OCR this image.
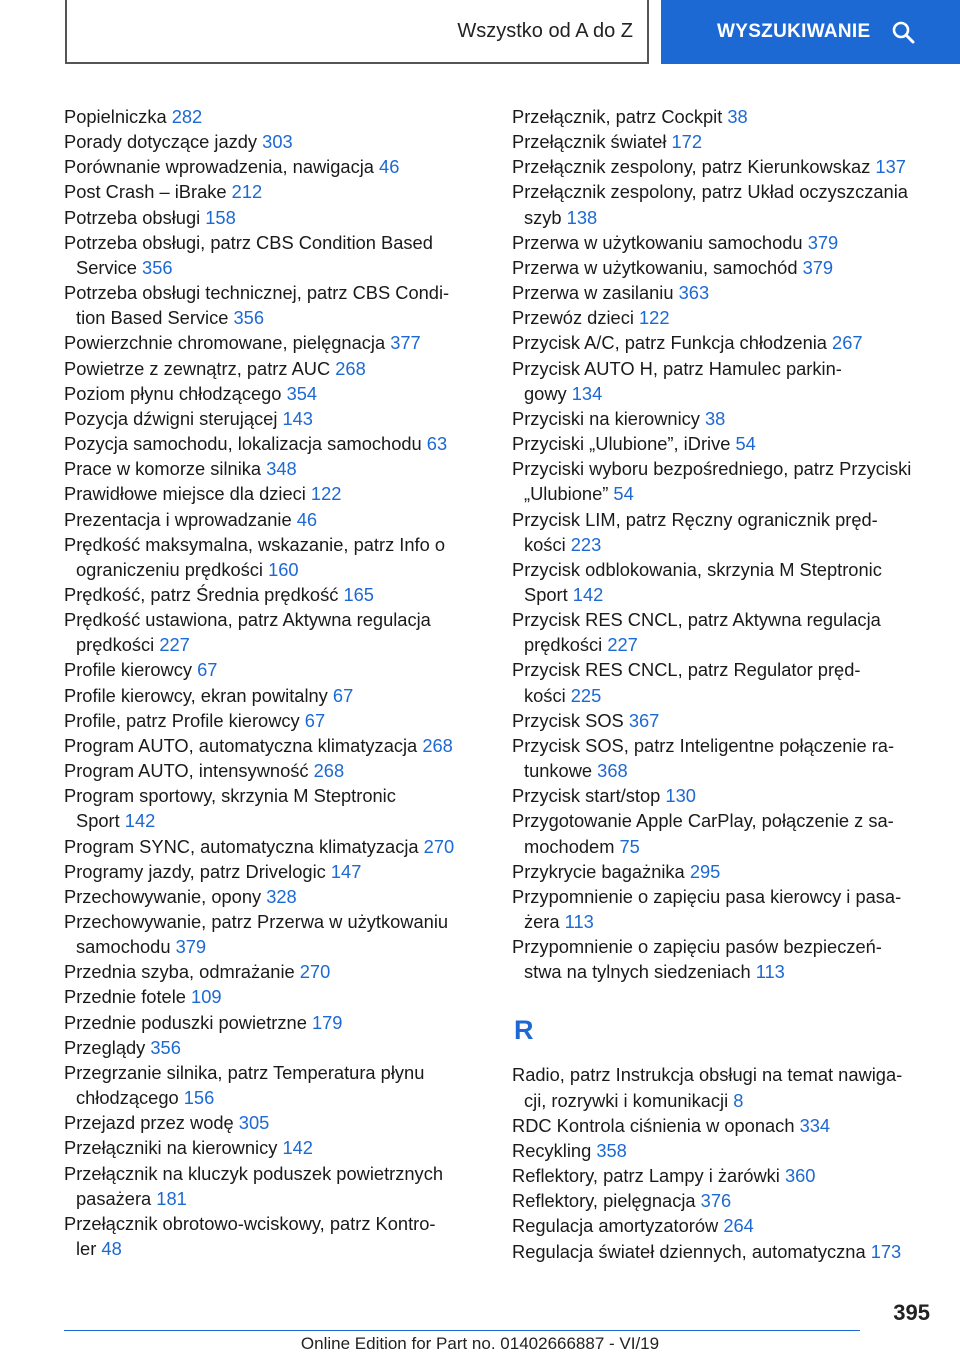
Wszystko od A do Z	WYSZUKIWANIE
Popielniczka 282
Porady dotyczące jazdy 303
Porównanie wprowadzenia, nawigacja 46
Post Crash – iBrake 212
Potrzeba obsługi 158
Potrzeba obsługi, patrz CBS Condition Based
Service 356
Potrzeba obsługi technicznej, patrz CBS Condi‐
tion Based Service 356
Powierzchnie chromowane, pielęgnacja 377
Powietrze z zewnątrz, patrz AUC 268
Poziom płynu chłodzącego 354
Pozycja dźwigni sterującej 143
Pozycja samochodu, lokalizacja samochodu 63
Prace w komorze silnika 348
Prawidłowe miejsce dla dzieci 122
Prezentacja i wprowadzanie 46
Prędkość maksymalna, wskazanie, patrz Info o
ograniczeniu prędkości 160
Prędkość, patrz Średnia prędkość 165
Prędkość ustawiona, patrz Aktywna regulacja
prędkości 227
Profile kierowcy 67
Profile kierowcy, ekran powitalny 67
Profile, patrz Profile kierowcy 67
Program AUTO, automatyczna klimatyzacja 268
Program AUTO, intensywność 268
Program sportowy, skrzynia M Steptronic
Sport 142
Program SYNC, automatyczna klimatyzacja 270
Programy jazdy, patrz Drivelogic 147
Przechowywanie, opony 328
Przechowywanie, patrz Przerwa w użytkowaniu
samochodu 379
Przednia szyba, odmrażanie 270
Przednie fotele 109
Przednie poduszki powietrzne 179
Przeglądy 356
Przegrzanie silnika, patrz Temperatura płynu
chłodzącego 156
Przejazd przez wodę 305
Przełączniki na kierownicy 142
Przełącznik na kluczyk poduszek powietrznych
pasażera 181
Przełącznik obrotowo-wciskowy, patrz Kontro‐
ler 48
Przełącznik, patrz Cockpit 38
Przełącznik świateł 172
Przełącznik zespolony, patrz Kierunkowskaz 137
Przełącznik zespolony, patrz Układ oczyszczania
szyb 138
Przerwa w użytkowaniu samochodu 379
Przerwa w użytkowaniu, samochód 379
Przerwa w zasilaniu 363
Przewóz dzieci 122
Przycisk A/C, patrz Funkcja chłodzenia 267
Przycisk AUTO H, patrz Hamulec parkin‐
gowy 134
Przyciski na kierownicy 38
Przyciski „Ulubione”, iDrive 54
Przyciski wyboru bezpośredniego, patrz Przyciski
„Ulubione” 54
Przycisk LIM, patrz Ręczny ogranicznik pręd‐
kości 223
Przycisk odblokowania, skrzynia M Steptronic
Sport 142
Przycisk RES CNCL, patrz Aktywna regulacja
prędkości 227
Przycisk RES CNCL, patrz Regulator pręd‐
kości 225
Przycisk SOS 367
Przycisk SOS, patrz Inteligentne połączenie ra‐
tunkowe 368
Przycisk start/stop 130
Przygotowanie Apple CarPlay, połączenie z sa‐
mochodem 75
Przykrycie bagażnika 295
Przypomnienie o zapięciu pasa kierowcy i pasa‐
żera 113
Przypomnienie o zapięciu pasów bezpieczeń‐
stwa na tylnych siedzeniach 113
R
Radio, patrz Instrukcja obsługi na temat nawiga‐
cji, rozrywki i komunikacji 8
RDC Kontrola ciśnienia w oponach 334
Recykling 358
Reflektory, patrz Lampy i żarówki 360
Reflektory, pielęgnacja 376
Regulacja amortyzatorów 264
Regulacja świateł dziennych, automatyczna 173
395
Online Edition for Part no. 01402666887 - VI/19
